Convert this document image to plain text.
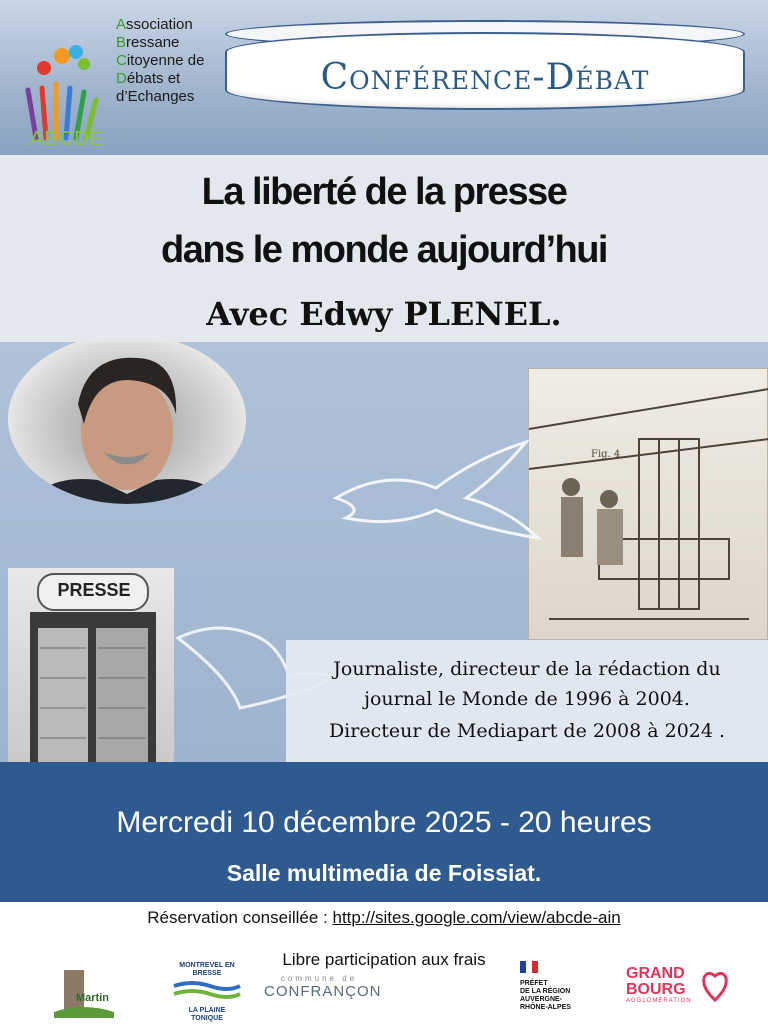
ABCDE
Association
Bressane
Citoyenne de
Débats et
d’Echanges	Conférence-Débat
La liberté de la presse
dans le monde aujourd’hui
Avec Edwy PLENEL.
Fig. 4
PRESSE
Journaliste, directeur de la rédaction du
journal le Monde de 1996 à 2004.
Directeur de Mediapart de 2008 à 2024 .
Mercredi 10 décembre 2025 - 20 heures
Salle multimedia de Foissiat.
Réservation conseillée : http://sites.google.com/view/abcde-ain
Libre participation aux frais
Martin
MONTREVEL EN BRESSE
LA PLAINE TONIQUE
commune de
CONFRANÇON	PRÉFET
DE LA RÉGION
AUVERGNE-
RHÔNE-ALPES
GRAND
BOURG
AGGLOMÉRATION
